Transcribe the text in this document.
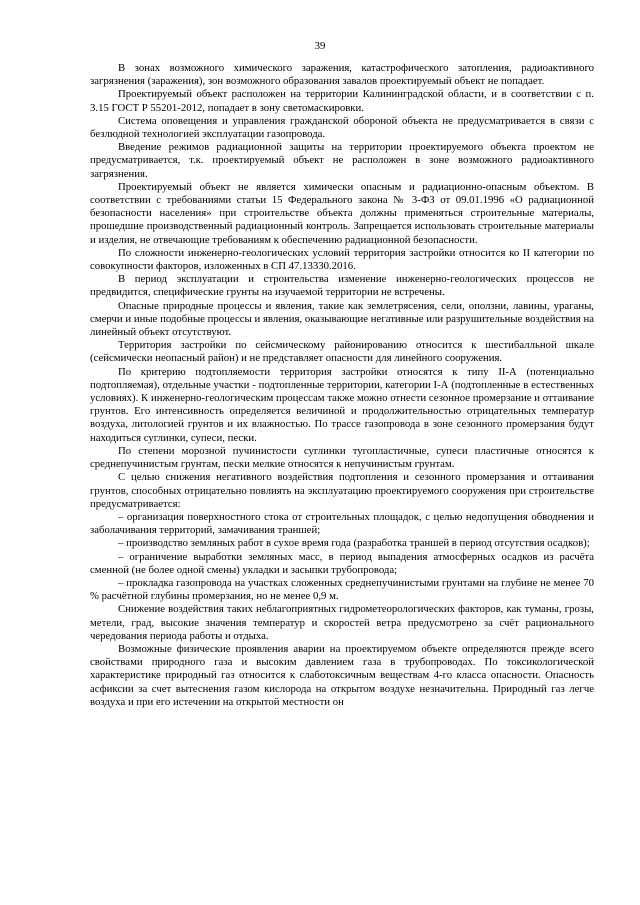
39

В зонах возможного химического заражения, катастрофического затопления, радиоактивного загрязнения (заражения), зон возможного образования завалов проектируемый объект не попадает.

Проектируемый объект расположен на территории Калининградской области, и в соответствии с п. 3.15 ГОСТ Р 55201-2012, попадает в зону светомаскировки.

Система оповещения и управления гражданской обороной объекта не предусматривается в связи с безлюдной технологией эксплуатации газопровода.

Введение режимов радиационной защиты на территории проектируемого объекта проектом не предусматривается, т.к. проектируемый объект не расположен в зоне возможного радиоактивного загрязнения.

Проектируемый объект не является химически опасным и радиационно-опасным объектом. В соответствии с требованиями статьи 15 Федерального закона № 3-ФЗ от 09.01.1996 «О радиационной безопасности населения» при строительстве объекта должны применяться строительные материалы, прошедшие производственный радиационный контроль. Запрещается использовать строительные материалы и изделия, не отвечающие требованиям к обеспечению радиационной безопасности.

По сложности инженерно-геологических условий территория застройки относится ко II категории по совокупности факторов, изложенных в СП 47.13330.2016.

В период эксплуатации и строительства изменение инженерно-геологических процессов не предвидится, специфические грунты на изучаемой территории не встречены.

Опасные природные процессы и явления, такие как землетрясения, сели, оползни, лавины, ураганы, смерчи и иные подобные процессы и явления, оказывающие негативные или разрушительные воздействия на линейный объект отсутствуют.

Территория застройки по сейсмическому районированию относится к шестибалльной шкале (сейсмически неопасный район) и не представляет опасности для линейного сооружения.

По критерию подтопляемости территория застройки относятся к типу II-А (потенциально подтопляемая), отдельные участки - подтопленные территории, категории I-А (подтопленные в естественных условиях). К инженерно-геологическим процессам также можно отнести сезонное промерзание и оттаивание грунтов. Его интенсивность определяется величиной и продолжительностью отрицательных температур воздуха, литологией грунтов и их влажностью. По трассе газопровода в зоне сезонного промерзания будут находиться суглинки, супеси, пески.

По степени морозной пучинистости суглинки тугопластичные, супеси пластичные относятся к среднепучинистым грунтам, пески мелкие относятся к непучинистым грунтам.

С целью снижения негативного воздействия подтопления и сезонного промерзания и оттаивания грунтов, способных отрицательно повлиять на эксплуатацию проектируемого сооружения при строительстве предусматривается:

– организация поверхностного стока от строительных площадок, с целью недопущения обводнения и заболачивания территорий, замачивания траншей;

– производство земляных работ в сухое время года (разработка траншей в период отсутствия осадков);

– ограничение выработки земляных масс, в период выпадения атмосферных осадков из расчёта сменной (не более одной смены) укладки и засыпки трубопровода;

– прокладка газопровода на участках сложенных среднепучинистыми грунтами на глубине не менее 70 % расчётной глубины промерзания, но не менее 0,9 м.

Снижение воздействия таких неблагоприятных гидрометеорологических факторов, как туманы, грозы, метели, град, высокие значения температур и скоростей ветра предусмотрено за счёт рационального чередования периода работы и отдыха.

Возможные физические проявления аварии на проектируемом объекте определяются прежде всего свойствами природного газа и высоким давлением газа в трубопроводах. По токсикологической характеристике природный газ относится к слаботоксичным веществам 4-го класса опасности. Опасность асфиксии за счет вытеснения газом кислорода на открытом воздухе незначительна. Природный газ легче воздуха и при его истечении на открытой местности он
